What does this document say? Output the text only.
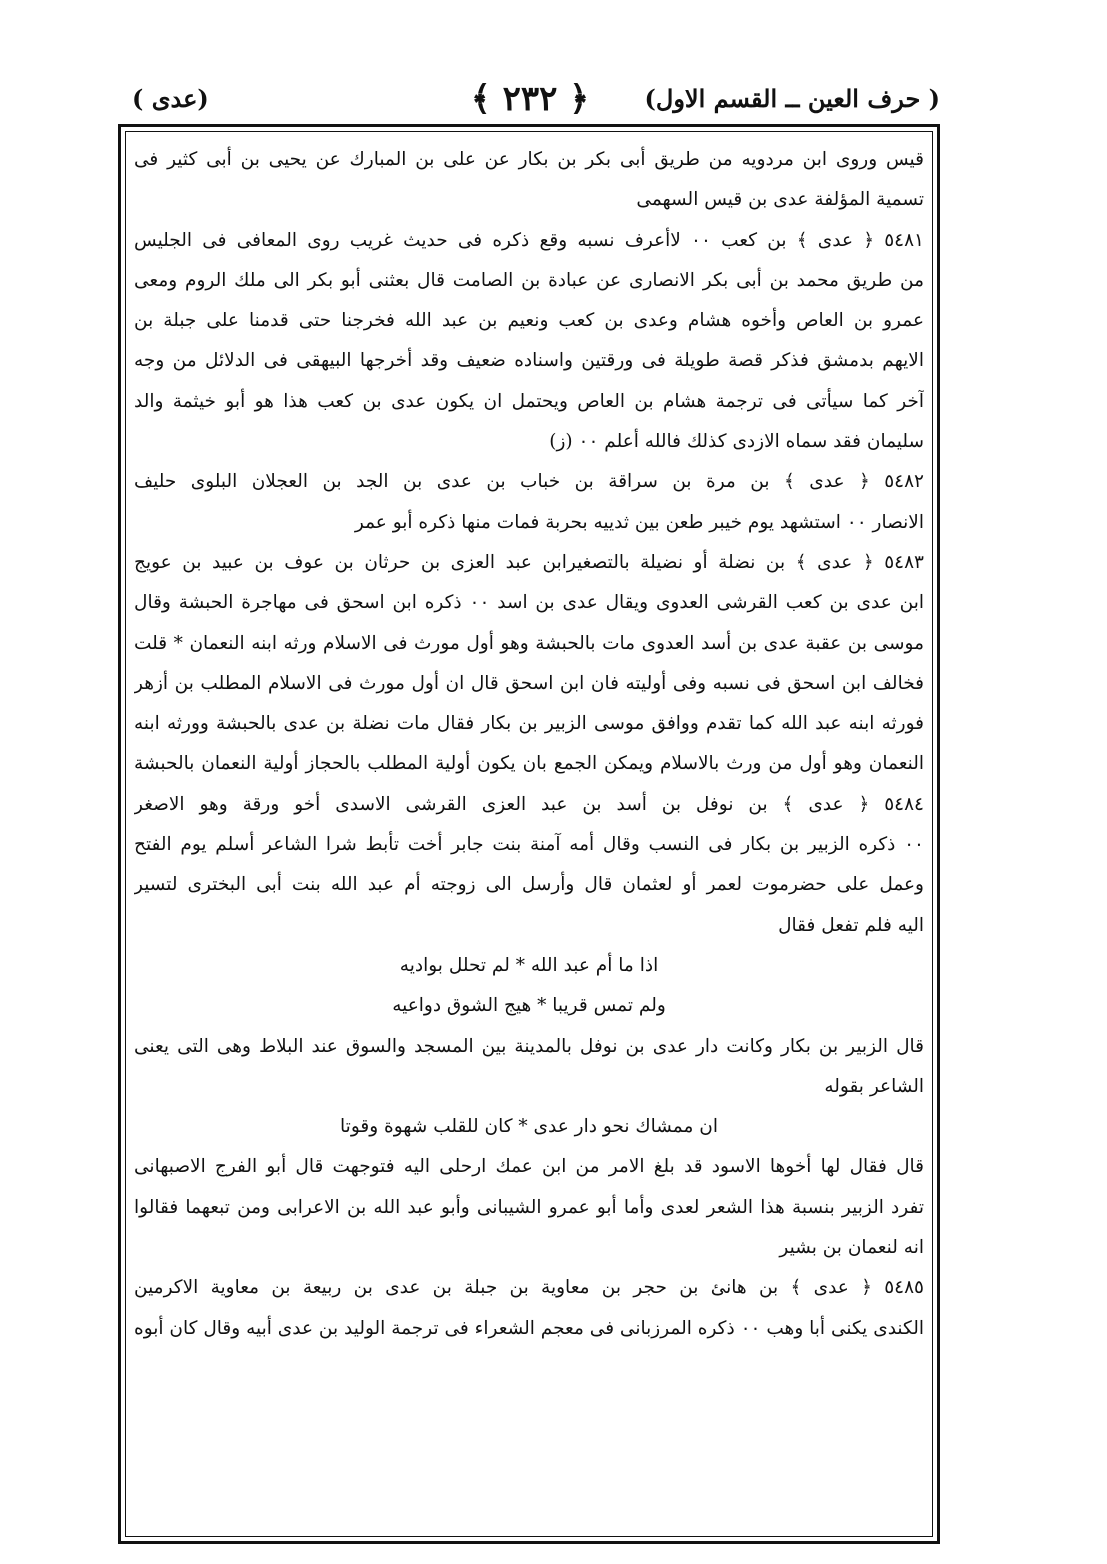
( حرف العين ــ القسم الاول)
﴿ ٢٣٢ ﴾
(عدی )
قیس وروی ابن مردویه من طریق أبی بکر بن بکار عن علی بن المبارك عن یحیی بن أبی کثیر فی
تسمیة المؤلفة عدی بن قیس السهمی
٥٤٨١ ﴿ عدی ﴾ بن کعب ٠٠ لاأعرف نسبه وقع ذکره فی حدیث غریب روی المعافی فی الجلیس
من طریق محمد بن أبی بکر الانصاری عن عبادة بن الصامت قال بعثنی أبو بکر الی ملك الروم ومعی
عمرو بن العاص وأخوه هشام وعدی بن کعب ونعیم بن عبد الله فخرجنا حتی قدمنا علی جبلة بن
الایهم بدمشق فذکر قصة طویلة فی ورقتین واسناده ضعیف وقد أخرجها البیهقی فی الدلائل من وجه
آخر کما سیأتی فی ترجمة هشام بن العاص ویحتمل ان یکون عدی بن کعب هذا هو أبو خیثمة والد
سلیمان فقد سماه الازدی کذلك فالله أعلم ٠٠ (ز)
٥٤٨٢ ﴿ عدی ﴾ بن مرة بن سراقة بن خباب بن عدی بن الجد بن العجلان البلوی حلیف
الانصار ٠٠ استشهد یوم خیبر طعن بین ثدییه بحربة فمات منها ذکره أبو عمر
٥٤٨٣ ﴿ عدی ﴾ بن نضلة أو نضیلة بالتصغیرابن عبد العزی بن حرثان بن عوف بن عبید بن عویج
ابن عدی بن کعب القرشی العدوی ویقال عدی بن اسد ٠٠ ذکره ابن اسحق فی مهاجرة الحبشة وقال
موسی بن عقبة عدی بن أسد العدوی مات بالحبشة وهو أول مورث فی الاسلام ورثه ابنه النعمان * قلت
فخالف ابن اسحق فی نسبه وفی أولیته فان ابن اسحق قال ان أول مورث فی الاسلام المطلب بن أزهر
فورثه ابنه عبد الله کما تقدم ووافق موسی الزبیر بن بکار فقال مات نضلة بن عدی بالحبشة وورثه ابنه
النعمان وهو أول من ورث بالاسلام ویمکن الجمع بان یکون أولیة المطلب بالحجاز أولیة النعمان بالحبشة
٥٤٨٤ ﴿ عدی ﴾ بن نوفل بن أسد بن عبد العزی القرشی الاسدی أخو ورقة وهو الاصغر
٠٠ ذکره الزبیر بن بکار فی النسب وقال أمه آمنة بنت جابر أخت تأبط شرا الشاعر أسلم یوم الفتح
وعمل علی حضرموت لعمر أو لعثمان قال وأرسل الی زوجته أم عبد الله بنت أبی البختری لتسیر
الیه فلم تفعل فقال
اذا ما أم عبد الله * لم تحلل بوادیه
ولم تمس قریبا * هیج الشوق دواعیه
قال الزبیر بن بکار وکانت دار عدی بن نوفل بالمدینة بین المسجد والسوق عند البلاط وهی التی یعنی
الشاعر بقوله
ان ممشاك نحو دار عدی * کان للقلب شهوة وقوتا
قال فقال لها أخوها الاسود قد بلغ الامر من ابن عمك ارحلی الیه فتوجهت قال أبو الفرج الاصبهانی
تفرد الزبیر بنسبة هذا الشعر لعدی وأما أبو عمرو الشیبانی وأبو عبد الله بن الاعرابی ومن تبعهما فقالوا
انه لنعمان بن بشیر
٥٤٨٥ ﴿ عدی ﴾ بن هانئ بن حجر بن معاویة بن جبلة بن عدی بن ربیعة بن معاویة الاکرمین
الکندی یکنی أبا وهب ٠٠ ذکره المرزبانی فی معجم الشعراء فی ترجمة الولید بن عدی أبیه وقال کان أبوه
